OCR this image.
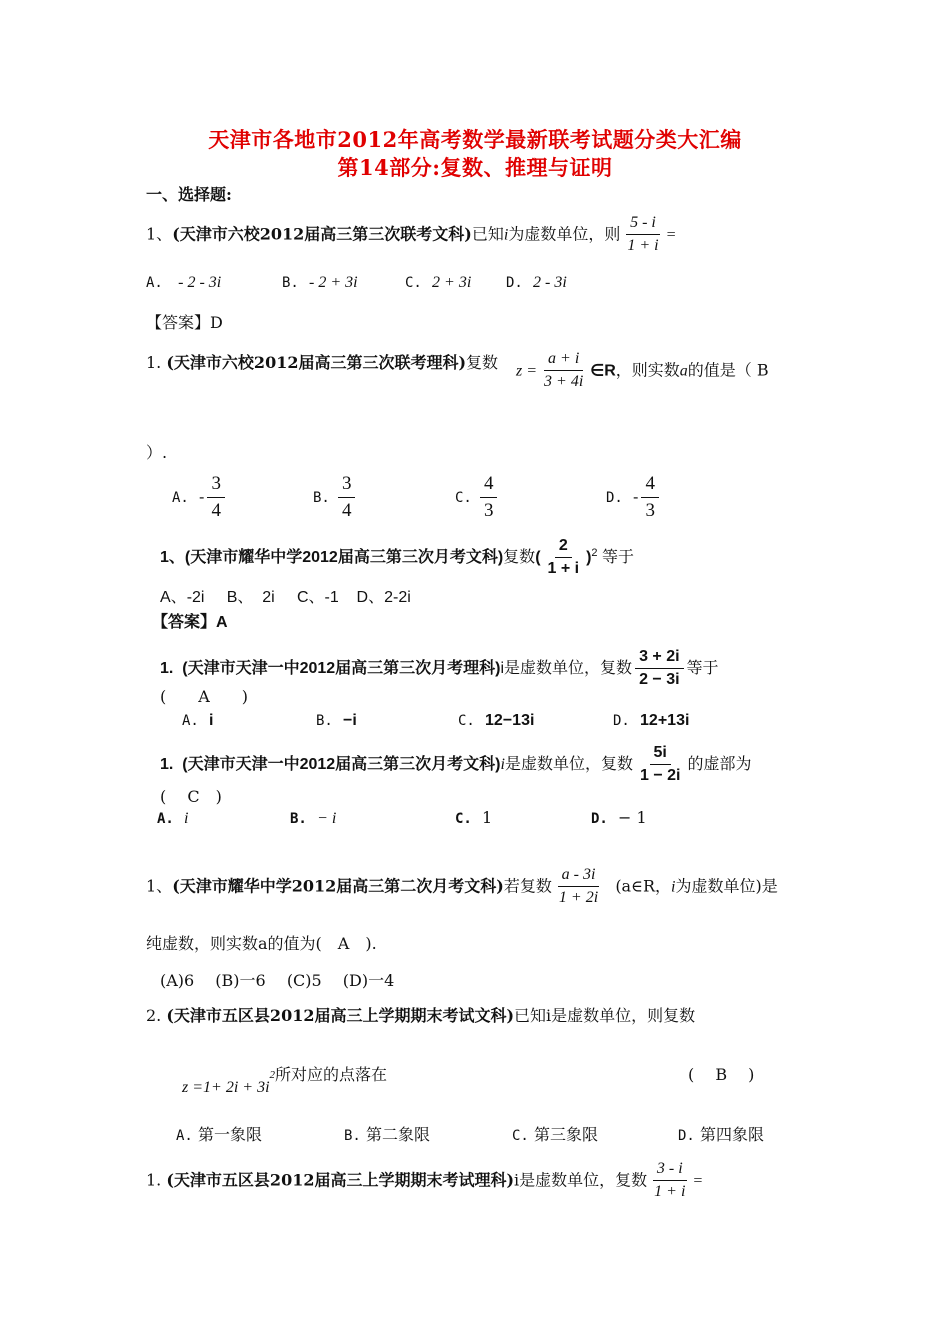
天津市各地市2012年高考数学最新联考试题分类大汇编
第14部分:复数、推理与证明
一、选择题:
1、(天津市六校2012届高三第三次联考文科)已知i为虚数单位，则 $\frac{5 - i}{1 + i}$ =
A. - 2 - 3i	B. - 2 + 3i	C. 2 + 3i D. 2 - 3i
【答案】D
1. (天津市六校2012届高三第三次联考理科)复数 $z = \frac{a + i}{3 + 4i}$ ∈R，则实数a的值是（ B
）.
A. - $\frac{3}{4}$	B. $\frac{3}{4}$	C. $\frac{4}{3}$	D. - $\frac{4}{3}$
1、(天津市耀华中学2012届高三第三次月考文科)复数( $\frac{2}{1 + i} )^2$ 等于
A、-2i B、 2i C、-1 D、2-2i
【答案】A
1. (天津市天津一中2012届高三第三次月考理科)i是虚数单位，复数 $\frac{3 + 2i}{2 - 3i}$ 等于
(　　A　　)
A. i	B. −i	C. 12−13i	D. 12+13i
1. (天津市天津一中2012届高三第三次月考文科)i是虚数单位，复数 $\frac{5i}{1 - 2i}$ 的虚部为
(　 C　)
A. i	B. − i	C. 1	D. − 1
1、(天津市耀华中学2012届高三第二次月考文科)若复数 $\frac{a - 3i}{1 + 2i}$ (a∈R，i为虚数单位)是
纯虚数，则实数a的值为(　A　).
(A)6　 (B)一6　 (C)5　 (D)一4
2. (天津市五区县2012届高三上学期期末考试文科)已知i是虚数单位，则复数
$z =1+ 2i + 3i^2$所对应的点落在	(　 B　 )
A. 第一象限	B. 第二象限	C. 第三象限	D. 第四象限
1. (天津市五区县2012届高三上学期期末考试理科)i是虚数单位，复数 $\frac{3 - i}{1 + i}$ =
